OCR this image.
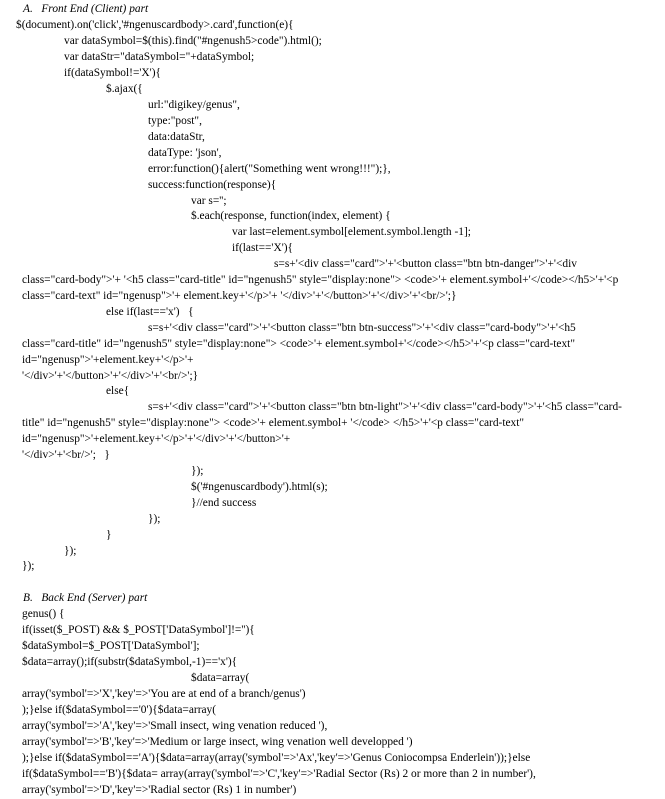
A.   Front End (Client) part
$(document).on('click','#ngenuscardbody>.card',function(e){
var dataSymbol=$(this).find("#ngenush5>code").html();
var dataStr="dataSymbol="+dataSymbol;
if(dataSymbol!='X'){
$.ajax({
url:"digikey/genus",
type:"post",
data:dataStr,
dataType: 'json',
error:function(){alert("Something went wrong!!!");},
success:function(response){
var s='';
$.each(response, function(index, element) {
var last=element.symbol[element.symbol.length -1];
if(last=='X'){
s=s+'<div class="card">'+'<button class="btn btn-danger">'+'<div
class="card-body">'+ '<h5 class="card-title" id="ngenush5" style="display:none"> <code>'+ element.symbol+'</code></h5>'+'<p
class="card-text" id="ngenusp">'+ element.key+'</p>'+ '</div>'+'</button>'+'</div>'+'<br/>';}
else if(last=='x')   {
s=s+'<div class="card">'+'<button class="btn btn-success">'+'<div class="card-body">'+'<h5
class="card-title" id="ngenush5" style="display:none"> <code>'+ element.symbol+'</code></h5>'+'<p class="card-text"
id="ngenusp">'+element.key+'</p>'+
'</div>'+'</button>'+'</div>'+'<br/>';}
else{
s=s+'<div class="card">'+'<button class="btn btn-light">'+'<div class="card-body">'+'<h5 class="card-
title" id="ngenush5" style="display:none"> <code>'+ element.symbol+ '</code> </h5>'+'<p class="card-text"
id="ngenusp">'+element.key+'</p>'+'</div>'+'</button>'+
'</div>'+'<br/>';   }
});
$('#ngenuscardbody').html(s);
}//end success
});
}
});
});
B.   Back End (Server) part
genus() {
if(isset($_POST) && $_POST['DataSymbol']!=''){
$dataSymbol=$_POST['DataSymbol'];
$data=array();if(substr($dataSymbol,-1)=='x'){
$data=array(
array('symbol'=>'X','key'=>'You are at end of a branch/genus')
);}else if($dataSymbol=='0'){$data=array(
array('symbol'=>'A','key'=>'Small insect, wing venation reduced '),
array('symbol'=>'B','key'=>'Medium or large insect, wing venation well developped ')
);}else if($dataSymbol=='A'){$data=array(array('symbol'=>'Ax','key'=>'Genus Coniocompsa Enderlein'));}else
if($dataSymbol=='B'){$data= array(array('symbol'=>'C','key'=>'Radial Sector (Rs) 2 or more than 2 in number'),
array('symbol'=>'D','key'=>'Radial sector (Rs) 1 in number')
